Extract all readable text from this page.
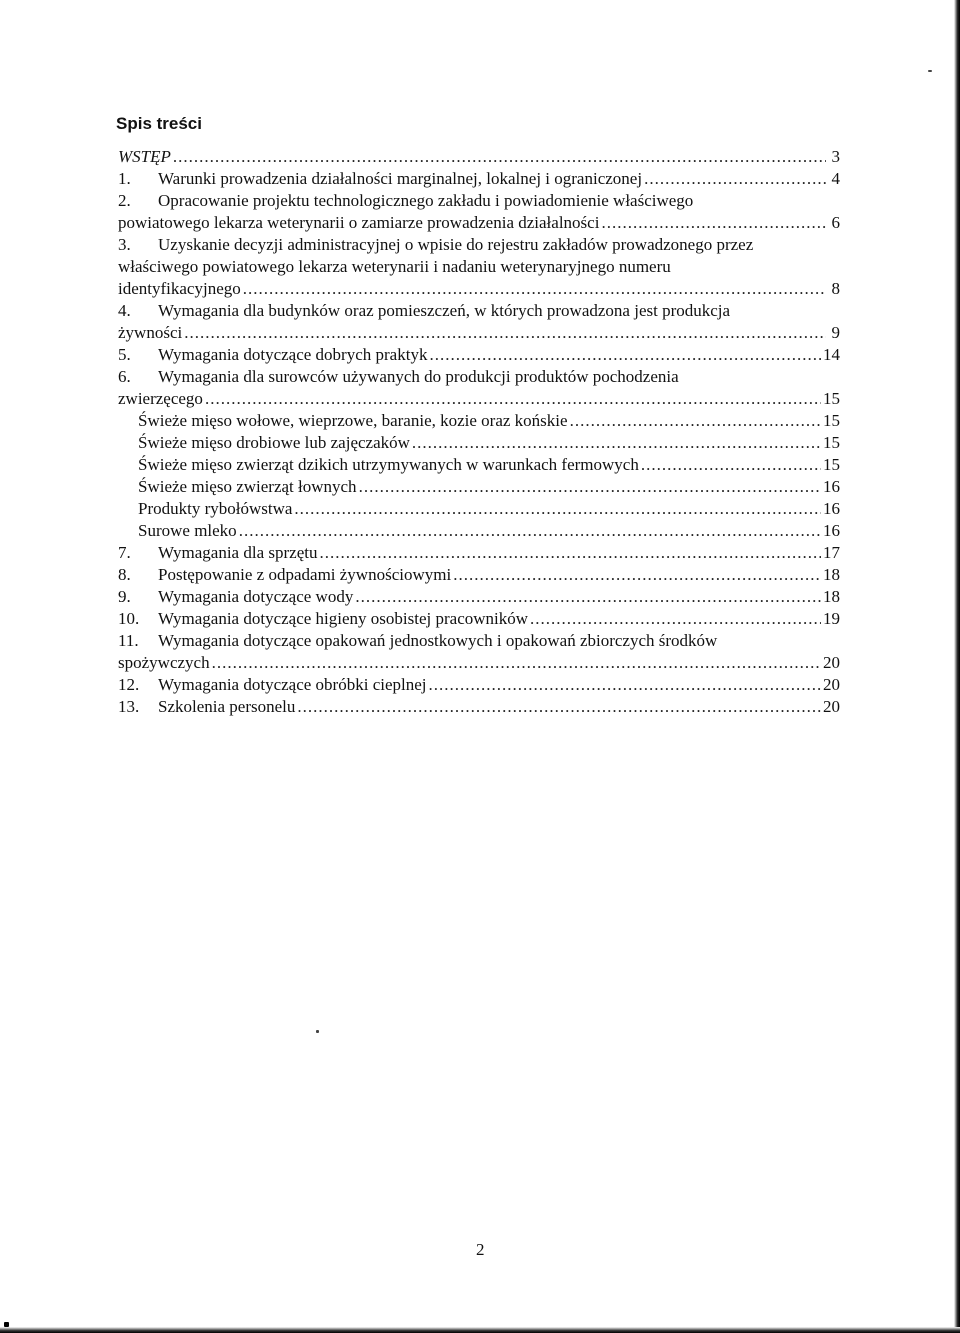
Spis treści
WSTĘP .....	3
1.	Warunki prowadzenia działalności marginalnej, lokalnej i ograniczonej .....	4
2.	Opracowanie projektu technologicznego zakładu i powiadomienie właściwego
powiatowego lekarza weterynarii o zamiarze prowadzenia działalności .....	6
3.	Uzyskanie decyzji administracyjnej o wpisie do rejestru zakładów prowadzonego przez
właściwego powiatowego lekarza weterynarii i nadaniu weterynaryjnego numeru
identyfikacyjnego .....	8
4.	Wymagania dla budynków oraz pomieszczeń, w których prowadzona jest produkcja
żywności .....	9
5.	Wymagania dotyczące dobrych praktyk .....	14
6.	Wymagania dla surowców używanych do produkcji produktów pochodzenia
zwierzęcego .....	15
Świeże mięso wołowe, wieprzowe, baranie, kozie oraz końskie .....	15
Świeże mięso drobiowe lub zajęczaków .....	15
Świeże mięso zwierząt dzikich utrzymywanych w warunkach fermowych .....	15
Świeże mięso zwierząt łownych .....	16
Produkty rybołówstwa .....	16
Surowe mleko .....	16
7.	Wymagania dla sprzętu .....	17
8.	Postępowanie z odpadami żywnościowymi .....	18
9.	Wymagania dotyczące wody .....	18
10.	Wymagania dotyczące higieny osobistej pracowników .....	19
11.	Wymagania dotyczące opakowań jednostkowych i opakowań zbiorczych środków
spożywczych .....	20
12.	Wymagania dotyczące obróbki cieplnej .....	20
13.	Szkolenia personelu .....	20
2
